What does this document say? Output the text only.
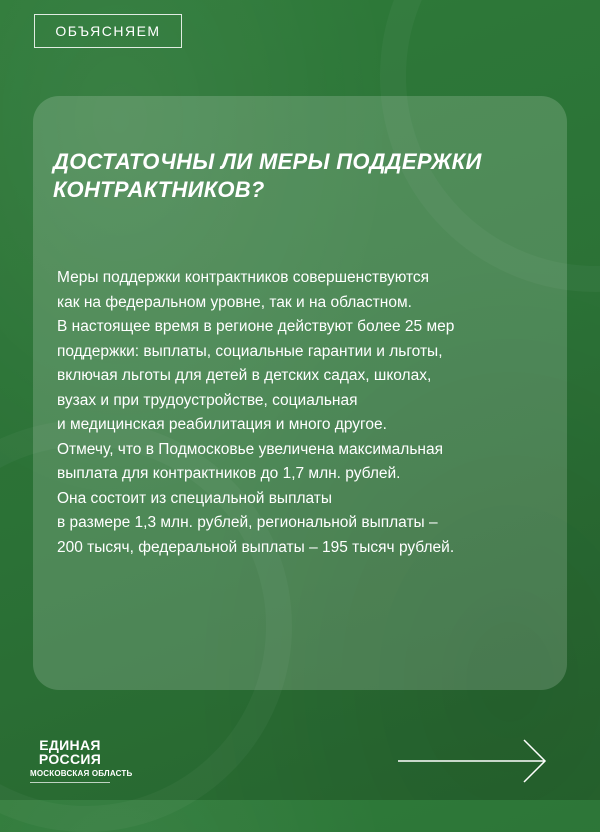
ОБЪЯСНЯЕМ
ДОСТАТОЧНЫ ЛИ МЕРЫ ПОДДЕРЖКИ
КОНТРАКТНИКОВ?

Меры поддержки контрактников совершенствуются
как на федеральном уровне, так и на областном.
В настоящее время в регионе действуют более 25 мер
поддержки: выплаты, социальные гарантии и льготы,
включая льготы для детей в детских садах, школах,
вузах и при трудоустройстве, социальная
и медицинская реабилитация и много другое.
Отмечу, что в Подмосковье увеличена максимальная
выплата для контрактников до 1,7 млн. рублей.
Она состоит из специальной выплаты
в размере 1,3 млн. рублей, региональной выплаты –
200 тысяч, федеральной выплаты – 195 тысяч рублей.

ЕДИНАЯ
РОССИЯ
МОСКОВСКАЯ ОБЛАСТЬ
